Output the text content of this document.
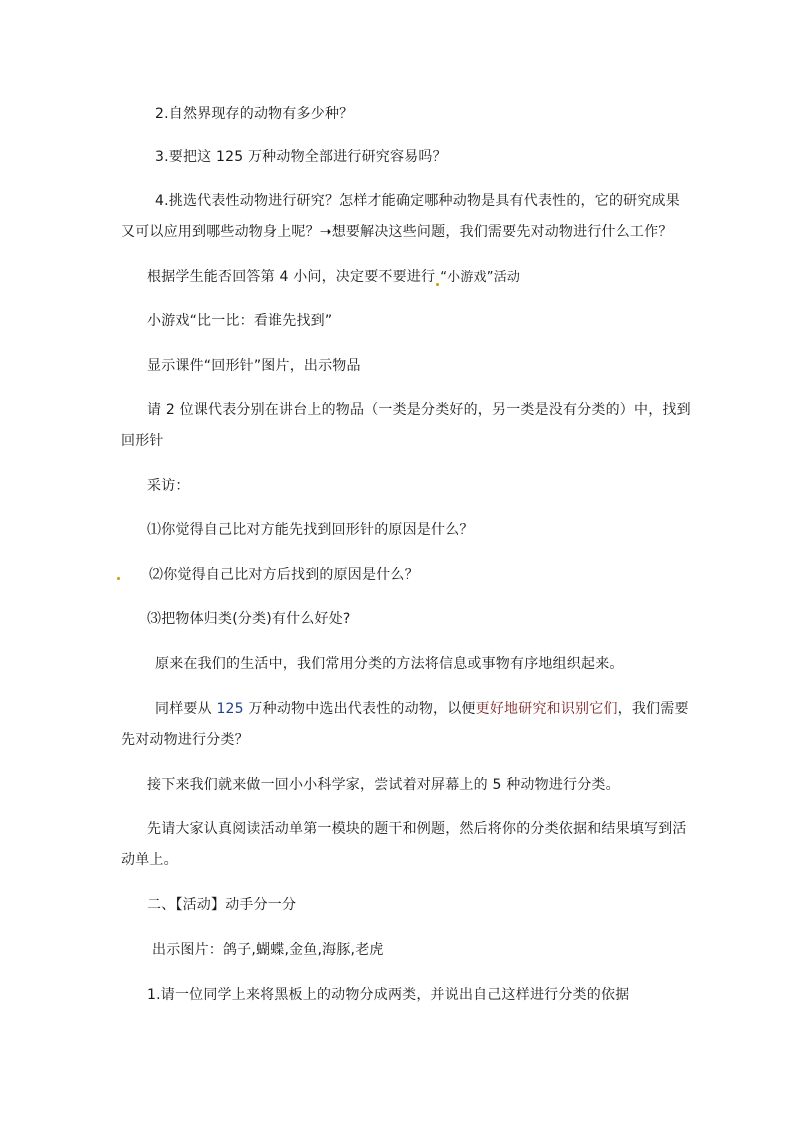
2.自然界现存的动物有多少种？
3.要把这 125 万种动物全部进行研究容易吗？
4.挑选代表性动物进行研究？怎样才能确定哪种动物是具有代表性的，它的研究成果
又可以应用到哪些动物身上呢？➝想要解决这些问题，我们需要先对动物进行什么工作？
根据学生能否回答第 4 小问，决定要不要进行 “小游戏”活动
小游戏“比一比：看谁先找到”
显示课件“回形针”图片，出示物品
请 2 位课代表分别在讲台上的物品（一类是分类好的，另一类是没有分类的）中，找到
回形针
采访：
⑴你觉得自己比对方能先找到回形针的原因是什么？
⑵你觉得自己比对方后找到的原因是什么？
⑶把物体归类(分类)有什么好处?
原来在我们的生活中，我们常用分类的方法将信息或事物有序地组织起来。
同样要从 125 万种动物中选出代表性的动物，以便更好地研究和识别它们，我们需要
先对动物进行分类？
接下来我们就来做一回小小科学家，尝试着对屏幕上的 5 种动物进行分类。
先请大家认真阅读活动单第一模块的题干和例题，然后将你的分类依据和结果填写到活
动单上。
二、【活动】动手分一分
出示图片：鸽子,蝴蝶,金鱼,海豚,老虎
1.请一位同学上来将黑板上的动物分成两类，并说出自己这样进行分类的依据
